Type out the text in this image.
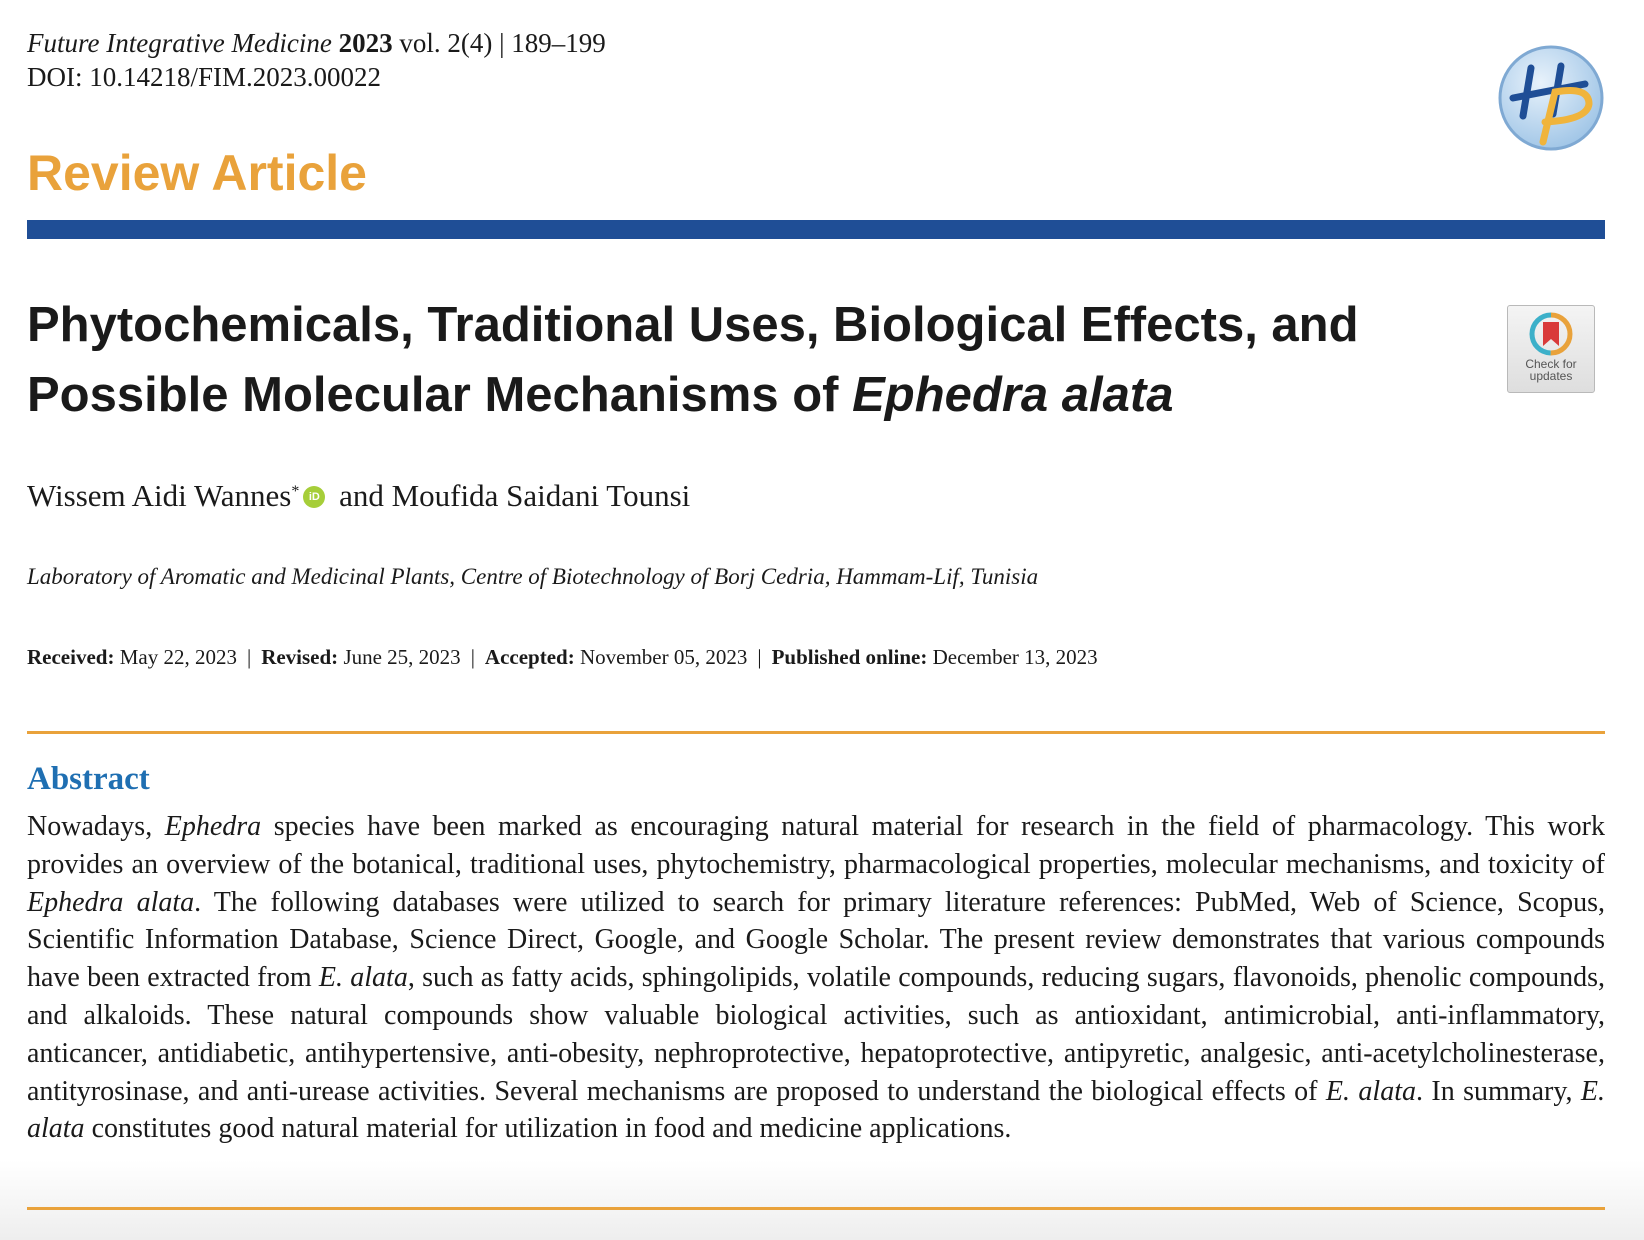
Future Integrative Medicine 2023 vol. 2(4) | 189–199
DOI: 10.14218/FIM.2023.00022
Review Article
Phytochemicals, Traditional Uses, Biological Effects, and
Possible Molecular Mechanisms of Ephedra alata
Check for updates
Wissem Aidi Wannes* iD and Moufida Saidani Tounsi
Laboratory of Aromatic and Medicinal Plants, Centre of Biotechnology of Borj Cedria, Hammam-Lif, Tunisia
Received: May 22, 2023 | Revised: June 25, 2023 | Accepted: November 05, 2023 | Published online: December 13, 2023
Abstract
Nowadays, Ephedra species have been marked as encouraging natural material for research in the field of pharmacology. This work provides an overview of the botanical, traditional uses, phytochemistry, pharmacological properties, molecular mechanisms, and toxicity of Ephedra alata. The following databases were utilized to search for primary literature references: PubMed, Web of Science, Scopus, Scientific Information Database, Science Direct, Google, and Google Scholar. The present review demonstrates that various compounds have been extracted from E. alata, such as fatty acids, sphingolipids, volatile compounds, reducing sugars, flavonoids, phenolic compounds, and alkaloids. These natural compounds show valuable biological activities, such as antioxidant, antimicrobial, anti-inflammatory, anticancer, antidiabetic, antihypertensive, anti-obesity, nephroprotective, hepatoprotective, antipyretic, analgesic, anti-acetylcholinesterase, antityrosinase, and anti-urease activities. Several mechanisms are proposed to understand the biological effects of E. alata. In summary, E. alata constitutes good natural material for utilization in food and medicine applications.
